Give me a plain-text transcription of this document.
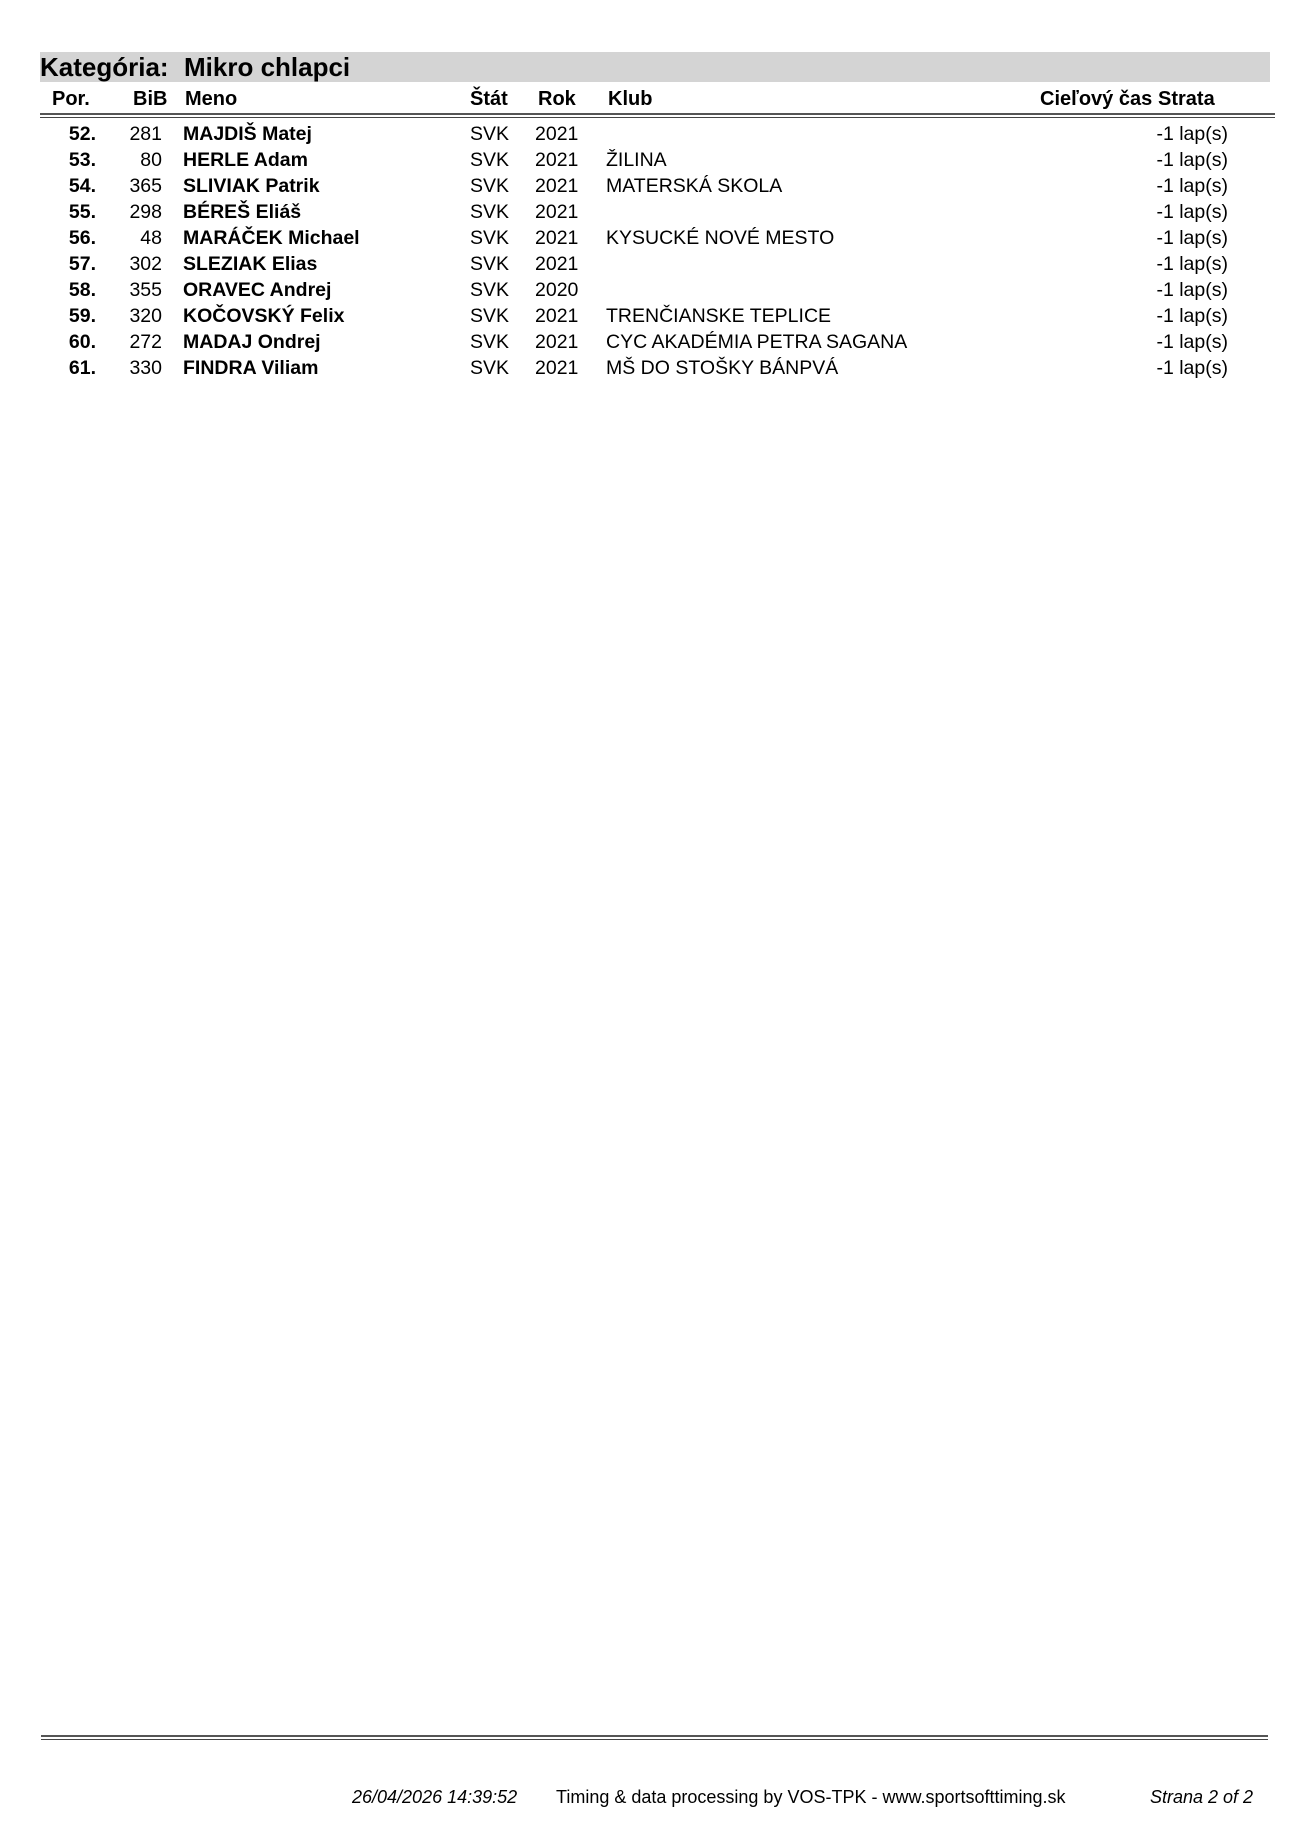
Kategória: Mikro chlapci
Por. BiB Meno	Štát Rok Klub	Cieľový čas Strata
52.	281 MAJDIŠ Matej	SVK 2021	-1 lap(s)
53.	80 HERLE Adam	SVK 2021 ŽILINA	-1 lap(s)
54.	365 SLIVIAK Patrik	SVK 2021 MATERSKÁ SKOLA	-1 lap(s)
55.	298 BÉREŠ Eliáš	SVK 2021	-1 lap(s)
56.	48 MARÁČEK Michael	SVK 2021 KYSUCKÉ NOVÉ MESTO	-1 lap(s)
57.	302 SLEZIAK Elias	SVK 2021	-1 lap(s)
58.	355 ORAVEC Andrej	SVK 2020	-1 lap(s)
59.	320 KOČOVSKÝ Felix	SVK 2021 TRENČIANSKE TEPLICE	-1 lap(s)
60.	272 MADAJ Ondrej	SVK 2021 CYC AKADÉMIA PETRA SAGANA	-1 lap(s)
61.	330 FINDRA Viliam	SVK 2021 MŠ DO STOŠKY BÁNPVÁ	-1 lap(s)
26/04/2026 14:39:52 Timing & data processing by VOS-TPK - www.sportsofttiming.sk	Strana 2 of 2
